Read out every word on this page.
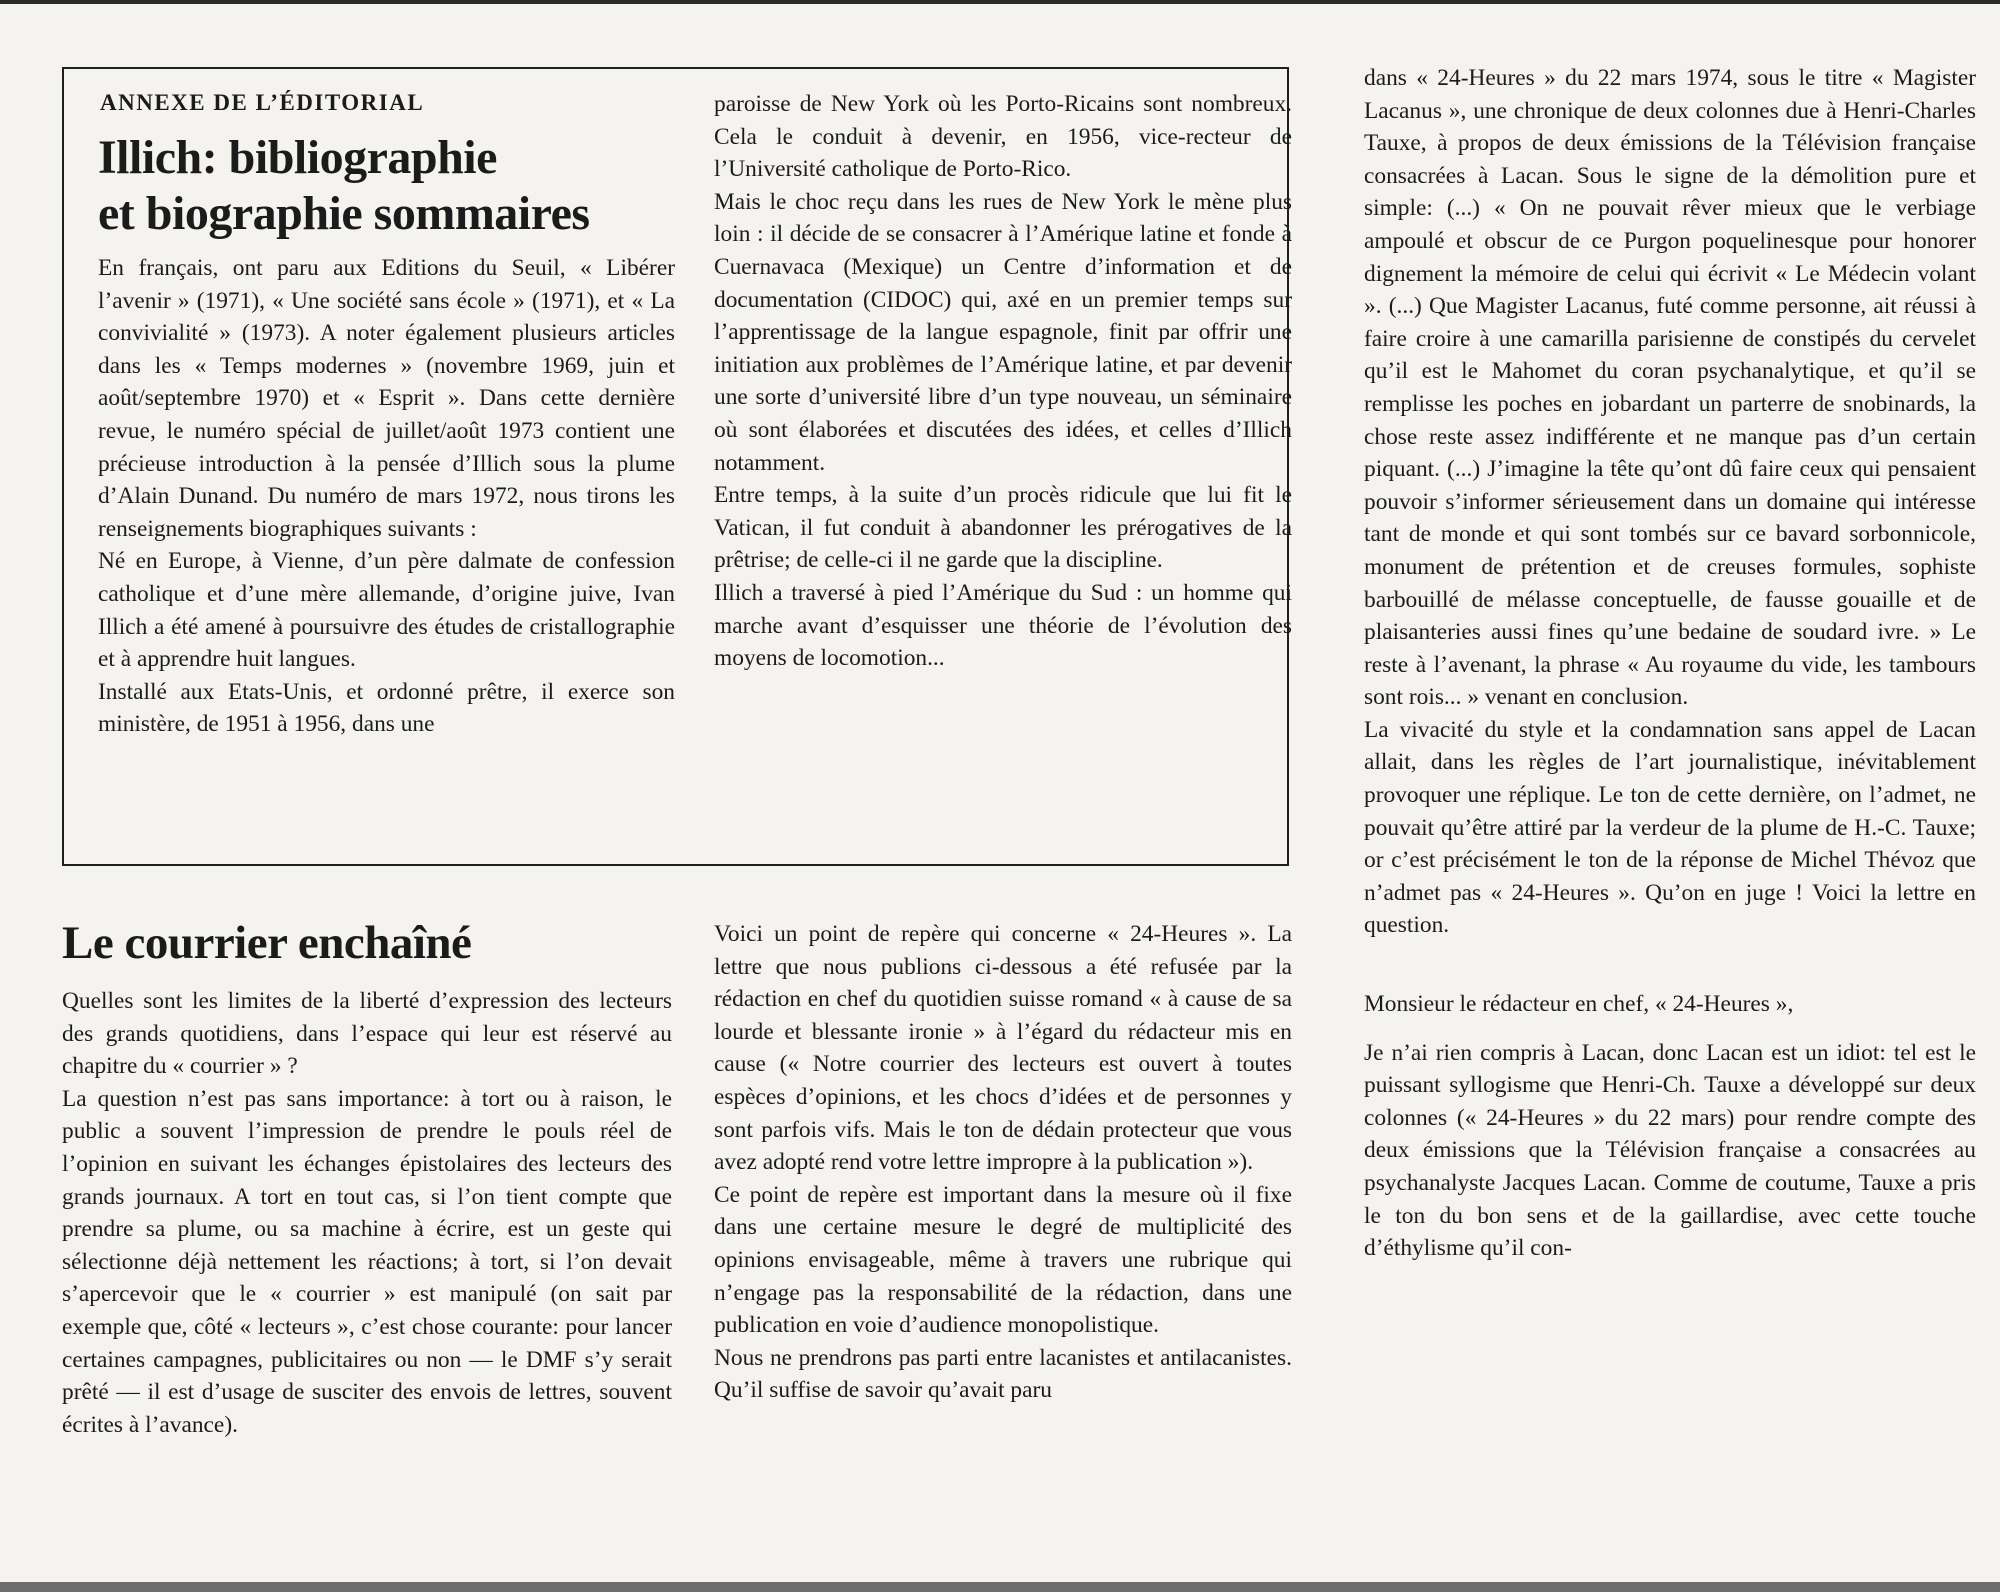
ANNEXE DE L’ÉDITORIAL
Illich: bibliographie
et biographie sommaires

En français, ont paru aux Editions du Seuil, « Libérer l’avenir » (1971), « Une société sans école » (1971), et « La convivialité » (1973). A noter également plusieurs articles dans les « Temps modernes » (novembre 1969, juin et août/septembre 1970) et « Esprit ». Dans cette dernière revue, le numéro spécial de juillet/août 1973 contient une précieuse introduction à la pensée d’Illich sous la plume d’Alain Dunand. Du numéro de mars 1972, nous tirons les renseignements biographiques suivants :

Né en Europe, à Vienne, d’un père dalmate de confession catholique et d’une mère allemande, d’origine juive, Ivan Illich a été amené à poursuivre des études de cristallographie et à apprendre huit langues.

Installé aux Etats-Unis, et ordonné prêtre, il exerce son ministère, de 1951 à 1956, dans une

paroisse de New York où les Porto-Ricains sont nombreux. Cela le conduit à devenir, en 1956, vice-recteur de l’Université catholique de Porto-Rico.

Mais le choc reçu dans les rues de New York le mène plus loin : il décide de se consacrer à l’Amérique latine et fonde à Cuernavaca (Mexique) un Centre d’information et de documentation (CIDOC) qui, axé en un premier temps sur l’apprentissage de la langue espagnole, finit par offrir une initiation aux problèmes de l’Amérique latine, et par devenir une sorte d’université libre d’un type nouveau, un séminaire où sont élaborées et discutées des idées, et celles d’Illich notamment.

Entre temps, à la suite d’un procès ridicule que lui fit le Vatican, il fut conduit à abandonner les prérogatives de la prêtrise; de celle-ci il ne garde que la discipline.

Illich a traversé à pied l’Amérique du Sud : un homme qui marche avant d’esquisser une théorie de l’évolution des moyens de locomotion...

Le courrier enchaîné

Quelles sont les limites de la liberté d’expression des lecteurs des grands quotidiens, dans l’espace qui leur est réservé au chapitre du « courrier » ?

La question n’est pas sans importance: à tort ou à raison, le public a souvent l’impression de prendre le pouls réel de l’opinion en suivant les échanges épistolaires des lecteurs des grands journaux. A tort en tout cas, si l’on tient compte que prendre sa plume, ou sa machine à écrire, est un geste qui sélectionne déjà nettement les réactions; à tort, si l’on devait s’apercevoir que le « courrier » est manipulé (on sait par exemple que, côté « lecteurs », c’est chose courante: pour lancer certaines campagnes, publicitaires ou non — le DMF s’y serait prêté — il est d’usage de susciter des envois de lettres, souvent écrites à l’avance).

Voici un point de repère qui concerne « 24-Heures ». La lettre que nous publions ci-dessous a été refusée par la rédaction en chef du quotidien suisse romand « à cause de sa lourde et blessante ironie » à l’égard du rédacteur mis en cause (« Notre courrier des lecteurs est ouvert à toutes espèces d’opinions, et les chocs d’idées et de personnes y sont parfois vifs. Mais le ton de dédain protecteur que vous avez adopté rend votre lettre impropre à la publication »).

Ce point de repère est important dans la mesure où il fixe dans une certaine mesure le degré de multiplicité des opinions envisageable, même à travers une rubrique qui n’engage pas la responsabilité de la rédaction, dans une publication en voie d’audience monopolistique.

Nous ne prendrons pas parti entre lacanistes et antilacanistes. Qu’il suffise de savoir qu’avait paru

dans « 24-Heures » du 22 mars 1974, sous le titre « Magister Lacanus », une chronique de deux colonnes due à Henri-Charles Tauxe, à propos de deux émissions de la Télévision française consacrées à Lacan. Sous le signe de la démolition pure et simple: (...) « On ne pouvait rêver mieux que le verbiage ampoulé et obscur de ce Purgon poquelinesque pour honorer dignement la mémoire de celui qui écrivit « Le Médecin volant ». (...) Que Magister Lacanus, futé comme personne, ait réussi à faire croire à une camarilla parisienne de constipés du cervelet qu’il est le Mahomet du coran psychanalytique, et qu’il se remplisse les poches en jobardant un parterre de snobinards, la chose reste assez indifférente et ne manque pas d’un certain piquant. (...) J’imagine la tête qu’ont dû faire ceux qui pensaient pouvoir s’informer sérieusement dans un domaine qui intéresse tant de monde et qui sont tombés sur ce bavard sorbonnicole, monument de prétention et de creuses formules, sophiste barbouillé de mélasse conceptuelle, de fausse gouaille et de plaisanteries aussi fines qu’une bedaine de soudard ivre. » Le reste à l’avenant, la phrase « Au royaume du vide, les tambours sont rois... » venant en conclusion.

La vivacité du style et la condamnation sans appel de Lacan allait, dans les règles de l’art journalistique, inévitablement provoquer une réplique. Le ton de cette dernière, on l’admet, ne pouvait qu’être attiré par la verdeur de la plume de H.-C. Tauxe; or c’est précisément le ton de la réponse de Michel Thévoz que n’admet pas « 24-Heures ». Qu’on en juge ! Voici la lettre en question.

Monsieur le rédacteur en chef, « 24-Heures »,

Je n’ai rien compris à Lacan, donc Lacan est un idiot: tel est le puissant syllogisme que Henri-Ch. Tauxe a développé sur deux colonnes (« 24-Heures » du 22 mars) pour rendre compte des deux émissions que la Télévision française a consacrées au psychanalyste Jacques Lacan. Comme de coutume, Tauxe a pris le ton du bon sens et de la gaillardise, avec cette touche d’éthylisme qu’il con-
